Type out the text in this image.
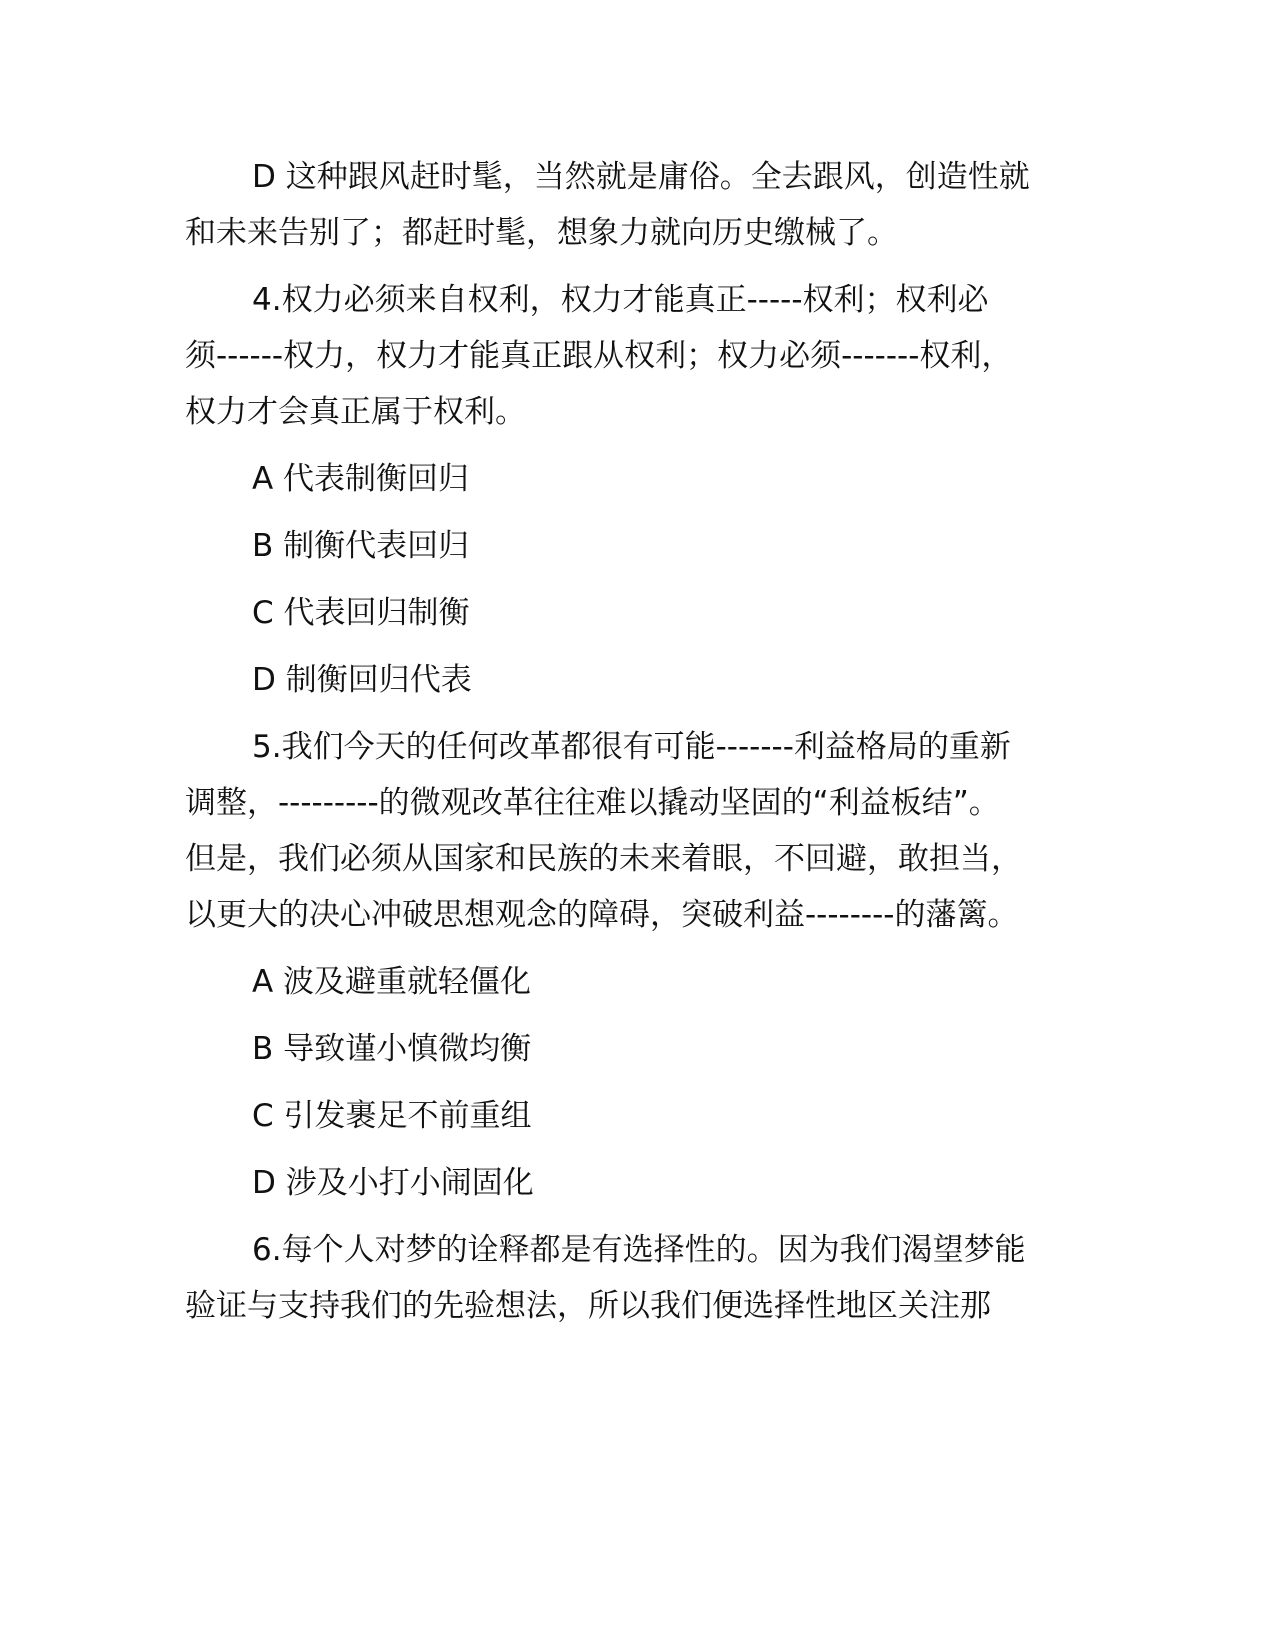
D 这种跟风赶时髦，当然就是庸俗。全去跟风，创造性就
和未来告别了；都赶时髦，想象力就向历史缴械了。
4.权力必须来自权利，权力才能真正-----权利；权利必
须------权力，权力才能真正跟从权利；权力必须-------权利，
权力才会真正属于权利。
A 代表制衡回归
B 制衡代表回归
C 代表回归制衡
D 制衡回归代表
5.我们今天的任何改革都很有可能-------利益格局的重新
调整，---------的微观改革往往难以撬动坚固的“利益板结”。
但是，我们必须从国家和民族的未来着眼，不回避，敢担当，
以更大的决心冲破思想观念的障碍，突破利益--------的藩篱。
A 波及避重就轻僵化
B 导致谨小慎微均衡
C 引发裹足不前重组
D 涉及小打小闹固化
6.每个人对梦的诠释都是有选择性的。因为我们渴望梦能
验证与支持我们的先验想法，所以我们便选择性地区关注那
